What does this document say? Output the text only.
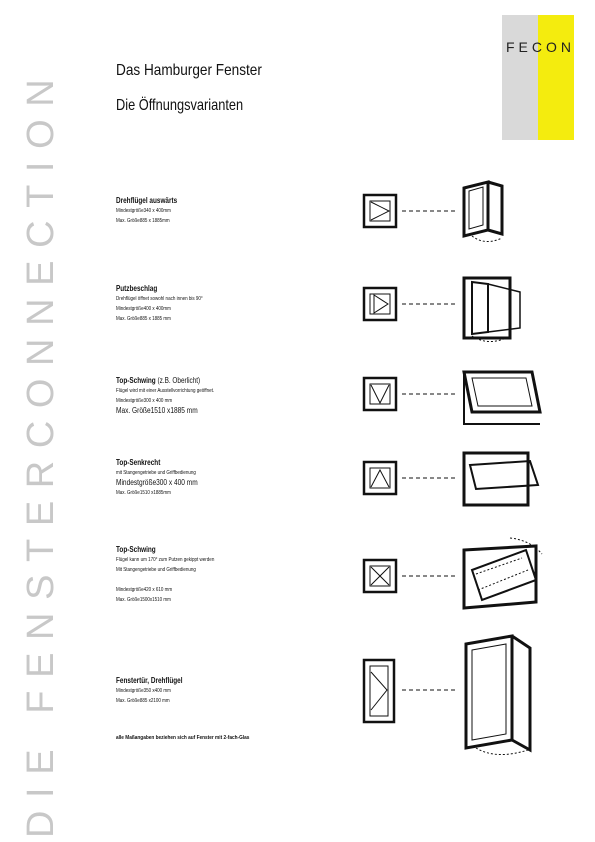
DIE FENSTERCONNECTION
FECON
Das Hamburger Fenster
Die Öffnungsvarianten
Drehflügel auswärts
Mindestgröße340 x 400mm
Max. Größe885 x 1885mm
Putzbeschlag
Drehflügel öffnet sowohl nach innen bis 90°
Mindestgröße400 x 400mm
Max. Größe885 x 1885 mm
Top-Schwing (z.B. Oberlicht)
Flügel wird mit einer Ausstellvorrichtung geöffnet.
Mindestgröße300 x 400 mm
Max. Größe1510 x1885 mm
Top-Senkrecht
mit Stangengetriebe und Griffbedienung
Mindestgröße300 x 400 mm
Max. Größe1510 x1885mm
Top-Schwing
Flügel kann um 170° zum Putzen gekippt werden
Mit Stangengetriebe und Griffbedienung
Mindestgröße420 x 610 mm
Max. Größe1500x1510 mm
Fenstertür, Drehflügel
Mindestgröße350 x400 mm
Max. Größe885 x2100 mm
alle Maßangaben beziehen sich auf Fenster mit 2-fach-Glas
